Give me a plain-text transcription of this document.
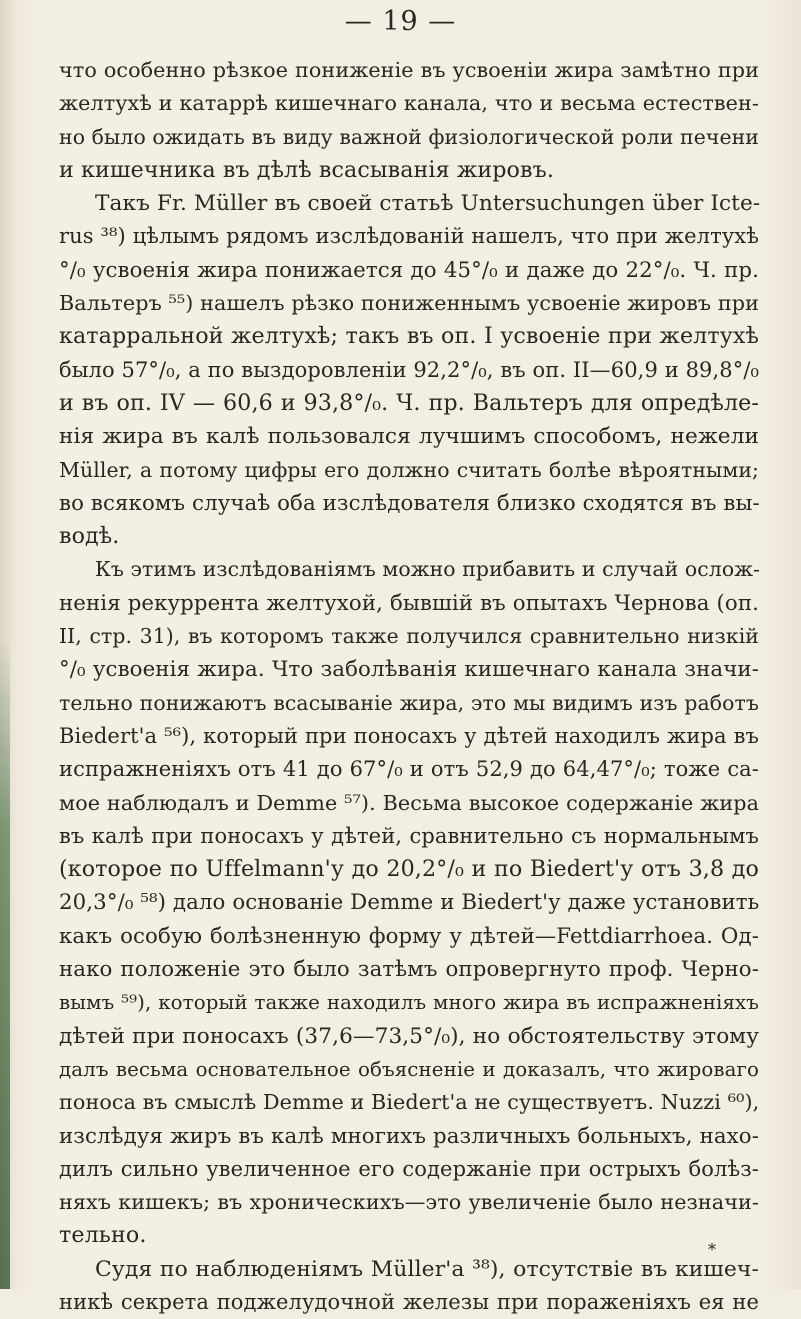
— 19 —
что особенно рѣзкое пониженіе въ усвоеніи жира замѣтно при
желтухѣ и катаррѣ кишечнаго канала, что и весьма естествен-
но было ожидать въ виду важной физіологической роли печени
и кишечника въ дѣлѣ всасыванія жировъ.
Такъ Fr. Müller въ своей статьѣ Untersuchungen über Icte-
rus ³⁸) цѣлымъ рядомъ изслѣдованій нашелъ, что при желтухѣ
°/₀ усвоенія жира понижается до 45°/₀ и даже до 22°/₀. Ч. пр.
Вальтеръ ⁵⁵) нашелъ рѣзко пониженнымъ усвоеніе жировъ при
катарральной желтухѣ; такъ въ оп. I усвоеніе при желтухѣ
было 57°/₀, а по выздоровленіи 92,2°/₀, въ оп. II—60,9 и 89,8°/₀
и въ оп. IV — 60,6 и 93,8°/₀. Ч. пр. Вальтеръ для опредѣле-
нія жира въ калѣ пользовался лучшимъ способомъ, нежели
Müller, а потому цифры его должно считать болѣе вѣроятными;
во всякомъ случаѣ оба изслѣдователя близко сходятся въ вы-
водѣ.
Къ этимъ изслѣдованіямъ можно прибавить и случай ослож-
ненія рекуррента желтухой, бывшій въ опытахъ Чернова (оп.
II, стр. 31), въ которомъ также получился сравнительно низкій
°/₀ усвоенія жира. Что заболѣванія кишечнаго канала значи-
тельно понижаютъ всасываніе жира, это мы видимъ изъ работъ
Biedert'a ⁵⁶), который при поносахъ у дѣтей находилъ жира въ
испражненіяхъ отъ 41 до 67°/₀ и отъ 52,9 до 64,47°/₀; тоже са-
мое наблюдалъ и Demme ⁵⁷). Весьма высокое содержаніе жира
въ калѣ при поносахъ у дѣтей, сравнительно съ нормальнымъ
(которое по Uffelmann'у до 20,2°/₀ и по Biedert'у отъ 3,8 до
20,3°/₀ ⁵⁸) дало основаніе Demme и Biedert'у даже установить
какъ особую болѣзненную форму у дѣтей—Fettdiarrhoea. Од-
нако положеніе это было затѣмъ опровергнуто проф. Черно-
вымъ ⁵⁹), который также находилъ много жира въ испражненіяхъ
дѣтей при поносахъ (37,6—73,5°/₀), но обстоятельству этому
далъ весьма основательное объясненіе и доказалъ, что жироваго
поноса въ смыслѣ Demme и Biedert'a не существуетъ. Nuzzi ⁶⁰),
изслѣдуя жиръ въ калѣ многихъ различныхъ больныхъ, нахо-
дилъ сильно увеличенное его содержаніе при острыхъ болѣз-
няхъ кишекъ; въ хроническихъ—это увеличеніе было незначи-
тельно.
Судя по наблюденіямъ Müller'a ³⁸), отсутствіе въ кишеч-
никѣ секрета поджелудочной железы при пораженіяхъ ея не
*
